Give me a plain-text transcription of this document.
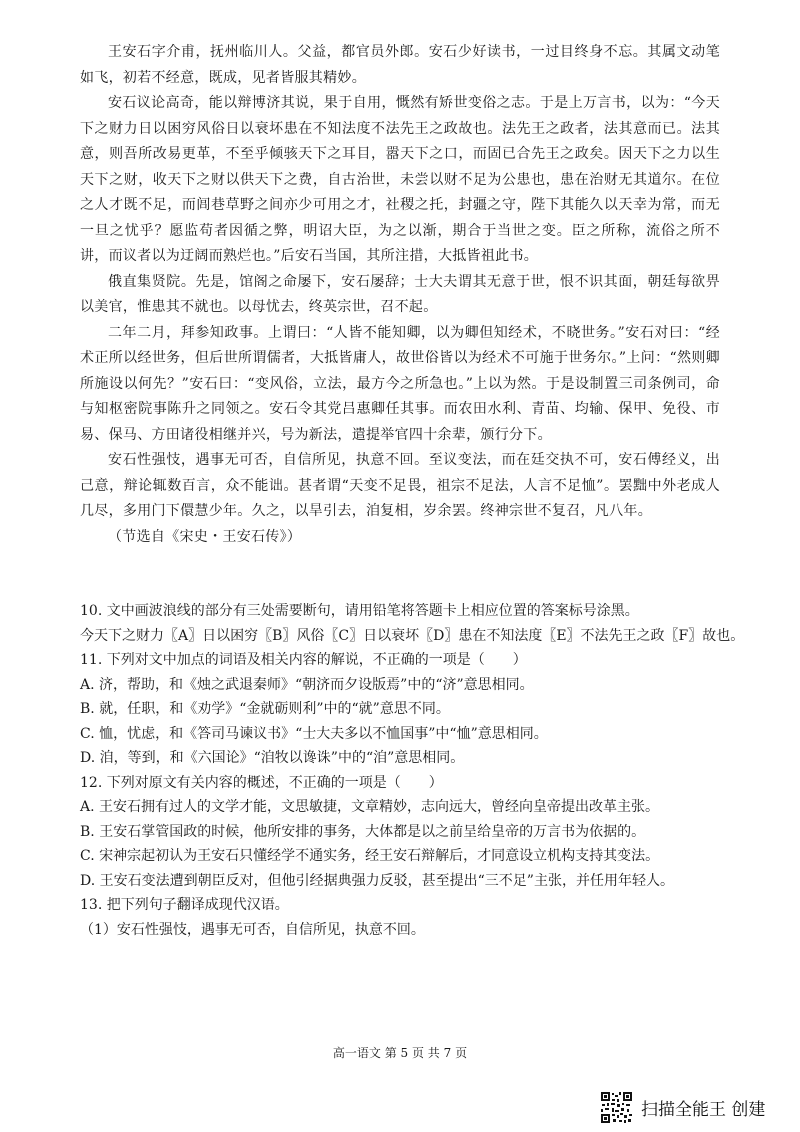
王安石字介甫，抚州临川人。父益，都官员外郎。安石少好读书，一过目终身不忘。其属文动笔如飞，初若不经意，既成，见者皆服其精妙。

安石议论高奇，能以辩博济其说，果于自用，慨然有矫世变俗之志。于是上万言书，以为：“今天下之财力日以困穷风俗日以衰坏患在不知法度不法先王之政故也。法先王之政者，法其意而已。法其意，则吾所改易更革，不至乎倾骇天下之耳目，嚣天下之口，而固已合先王之政矣。因天下之力以生天下之财，收天下之财以供天下之费，自古治世，未尝以财不足为公患也，患在治财无其道尔。在位之人才既不足，而闾巷草野之间亦少可用之才，社稷之托，封疆之守，陛下其能久以天幸为常，而无一旦之忧乎？愿监苟者因循之弊，明诏大臣，为之以渐，期合于当世之变。臣之所称，流俗之所不讲，而议者以为迂阔而熟烂也。”后安石当国，其所注措，大抵皆祖此书。

俄直集贤院。先是，馆阁之命屡下，安石屡辞；士大夫谓其无意于世，恨不识其面，朝廷每欲畀以美官，惟患其不就也。以母忧去，终英宗世，召不起。

二年二月，拜参知政事。上谓曰：“人皆不能知卿，以为卿但知经术，不晓世务。”安石对曰：“经术正所以经世务，但后世所谓儒者，大抵皆庸人，故世俗皆以为经术不可施于世务尔。”上问：“然则卿所施设以何先？”安石曰：“变风俗，立法，最方今之所急也。”上以为然。于是设制置三司条例司，命与知枢密院事陈升之同领之。安石令其党吕惠卿任其事。而农田水利、青苗、均输、保甲、免役、市易、保马、方田诸役相继并兴，号为新法，遣提举官四十余辈，颁行分下。

安石性强忮，遇事无可否，自信所见，执意不回。至议变法，而在廷交执不可，安石傅经义，出己意，辩论辄数百言，众不能诎。甚者谓“天变不足畏，祖宗不足法，人言不足恤”。罢黜中外老成人几尽，多用门下儇慧少年。久之，以旱引去，洎复相，岁余罢。终神宗世不复召，凡八年。

（节选自《宋史・王安石传》）

10. 文中画波浪线的部分有三处需要断句，请用铅笔将答题卡上相应位置的答案标号涂黑。

今天下之财力〖A〗日以困穷〖B〗风俗〖C〗日以衰坏〖D〗患在不知法度〖E〗不法先王之政〖F〗故也。

11. 下列对文中加点的词语及相关内容的解说，不正确的一项是（　　）

A. 济，帮助，和《烛之武退秦师》“朝济而夕设版焉”中的“济”意思相同。

B. 就，任职，和《劝学》“金就砺则利”中的“就”意思不同。

C. 恤，忧虑，和《答司马谏议书》“士大夫多以不恤国事”中“恤”意思相同。

D. 洎，等到，和《六国论》“洎牧以谗诛”中的“洎”意思相同。

12. 下列对原文有关内容的概述，不正确的一项是（　　）

A. 王安石拥有过人的文学才能，文思敏捷，文章精妙，志向远大，曾经向皇帝提出改革主张。

B. 王安石掌管国政的时候，他所安排的事务，大体都是以之前呈给皇帝的万言书为依据的。

C. 宋神宗起初认为王安石只懂经学不通实务，经王安石辩解后，才同意设立机构支持其变法。

D. 王安石变法遭到朝臣反对，但他引经据典强力反驳，甚至提出“三不足”主张，并任用年轻人。

13. 把下列句子翻译成现代汉语。

（1）安石性强忮，遇事无可否，自信所见，执意不回。

高一语文 第 5 页 共 7 页
扫描全能王 创建
